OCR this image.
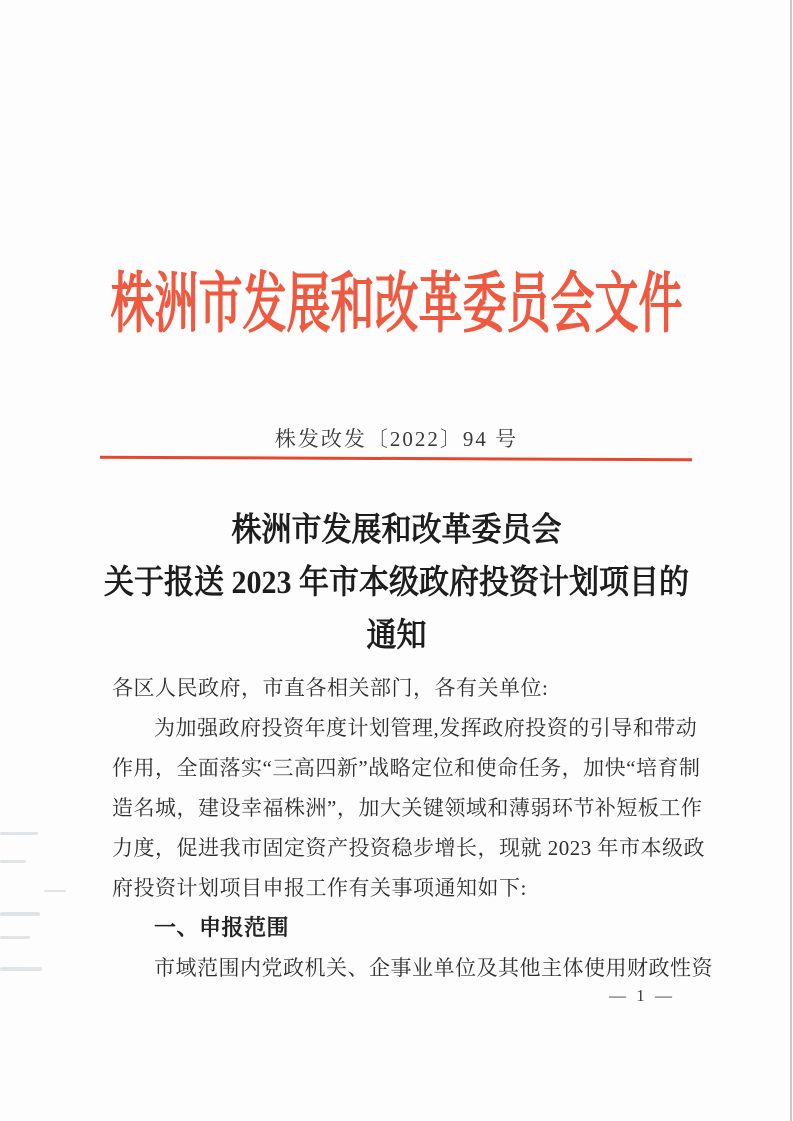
株洲市发展和改革委员会文件
株发改发〔2022〕94 号
株洲市发展和改革委员会
关于报送 2023 年市本级政府投资计划项目的
通知
各区人民政府，市直各相关部门，各有关单位:
为加强政府投资年度计划管理,发挥政府投资的引导和带动
作用，全面落实“三高四新”战略定位和使命任务，加快“培育制
造名城，建设幸福株洲”，加大关键领域和薄弱环节补短板工作
力度，促进我市固定资产投资稳步增长，现就 2023 年市本级政
府投资计划项目申报工作有关事项通知如下:
一、申报范围
市域范围内党政机关、企事业单位及其他主体使用财政性资
— 1 —
